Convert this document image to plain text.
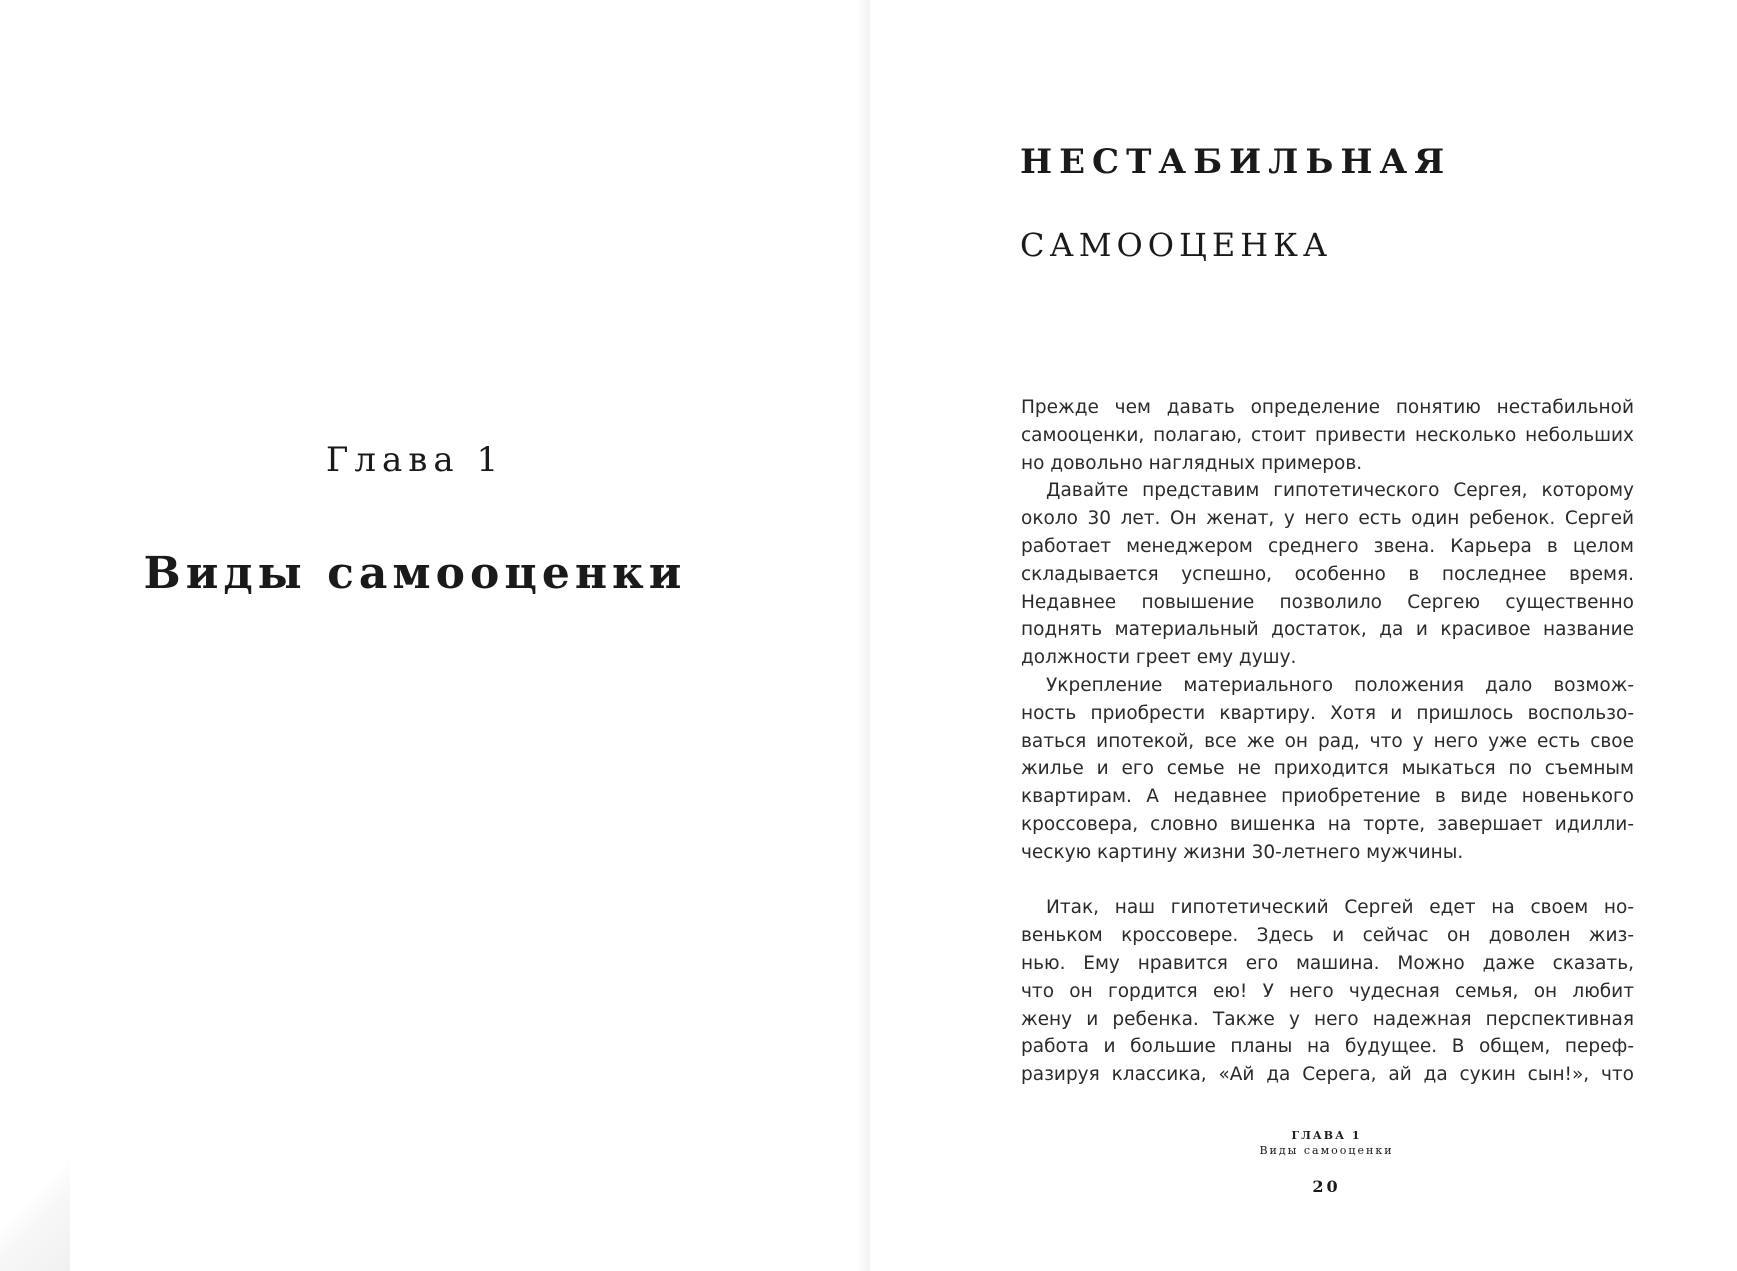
Глава 1
Виды самооценки
НЕСТАБИЛЬНАЯ
САМООЦЕНКА
Прежде чем давать определение понятию нестабильной
самооценки, полагаю, стоит привести несколько небольших
но довольно наглядных примеров.
Давайте представим гипотетического Сергея, которому
около 30 лет. Он женат, у него есть один ребенок. Сергей
работает менеджером среднего звена. Карьера в целом
складывается успешно, особенно в последнее время.
Недавнее повышение позволило Сергею существенно
поднять материальный достаток, да и красивое название
должности греет ему душу.
Укрепление материального положения дало возмож-
ность приобрести квартиру. Хотя и пришлось воспользо-
ваться ипотекой, все же он рад, что у него уже есть свое
жилье и его семье не приходится мыкаться по съемным
квартирам. А недавнее приобретение в виде новенького
кроссовера, словно вишенка на торте, завершает идилли-
ческую картину жизни 30-летнего мужчины.
Итак, наш гипотетический Сергей едет на своем но-
веньком кроссовере. Здесь и сейчас он доволен жиз-
нью. Ему нравится его машина. Можно даже сказать,
что он гордится ею! У него чудесная семья, он любит
жену и ребенка. Также у него надежная перспективная
работа и большие планы на будущее. В общем, переф-
разируя классика, «Ай да Серега, ай да сукин сын!», что
ГЛАВА 1
Виды самооценки
20
